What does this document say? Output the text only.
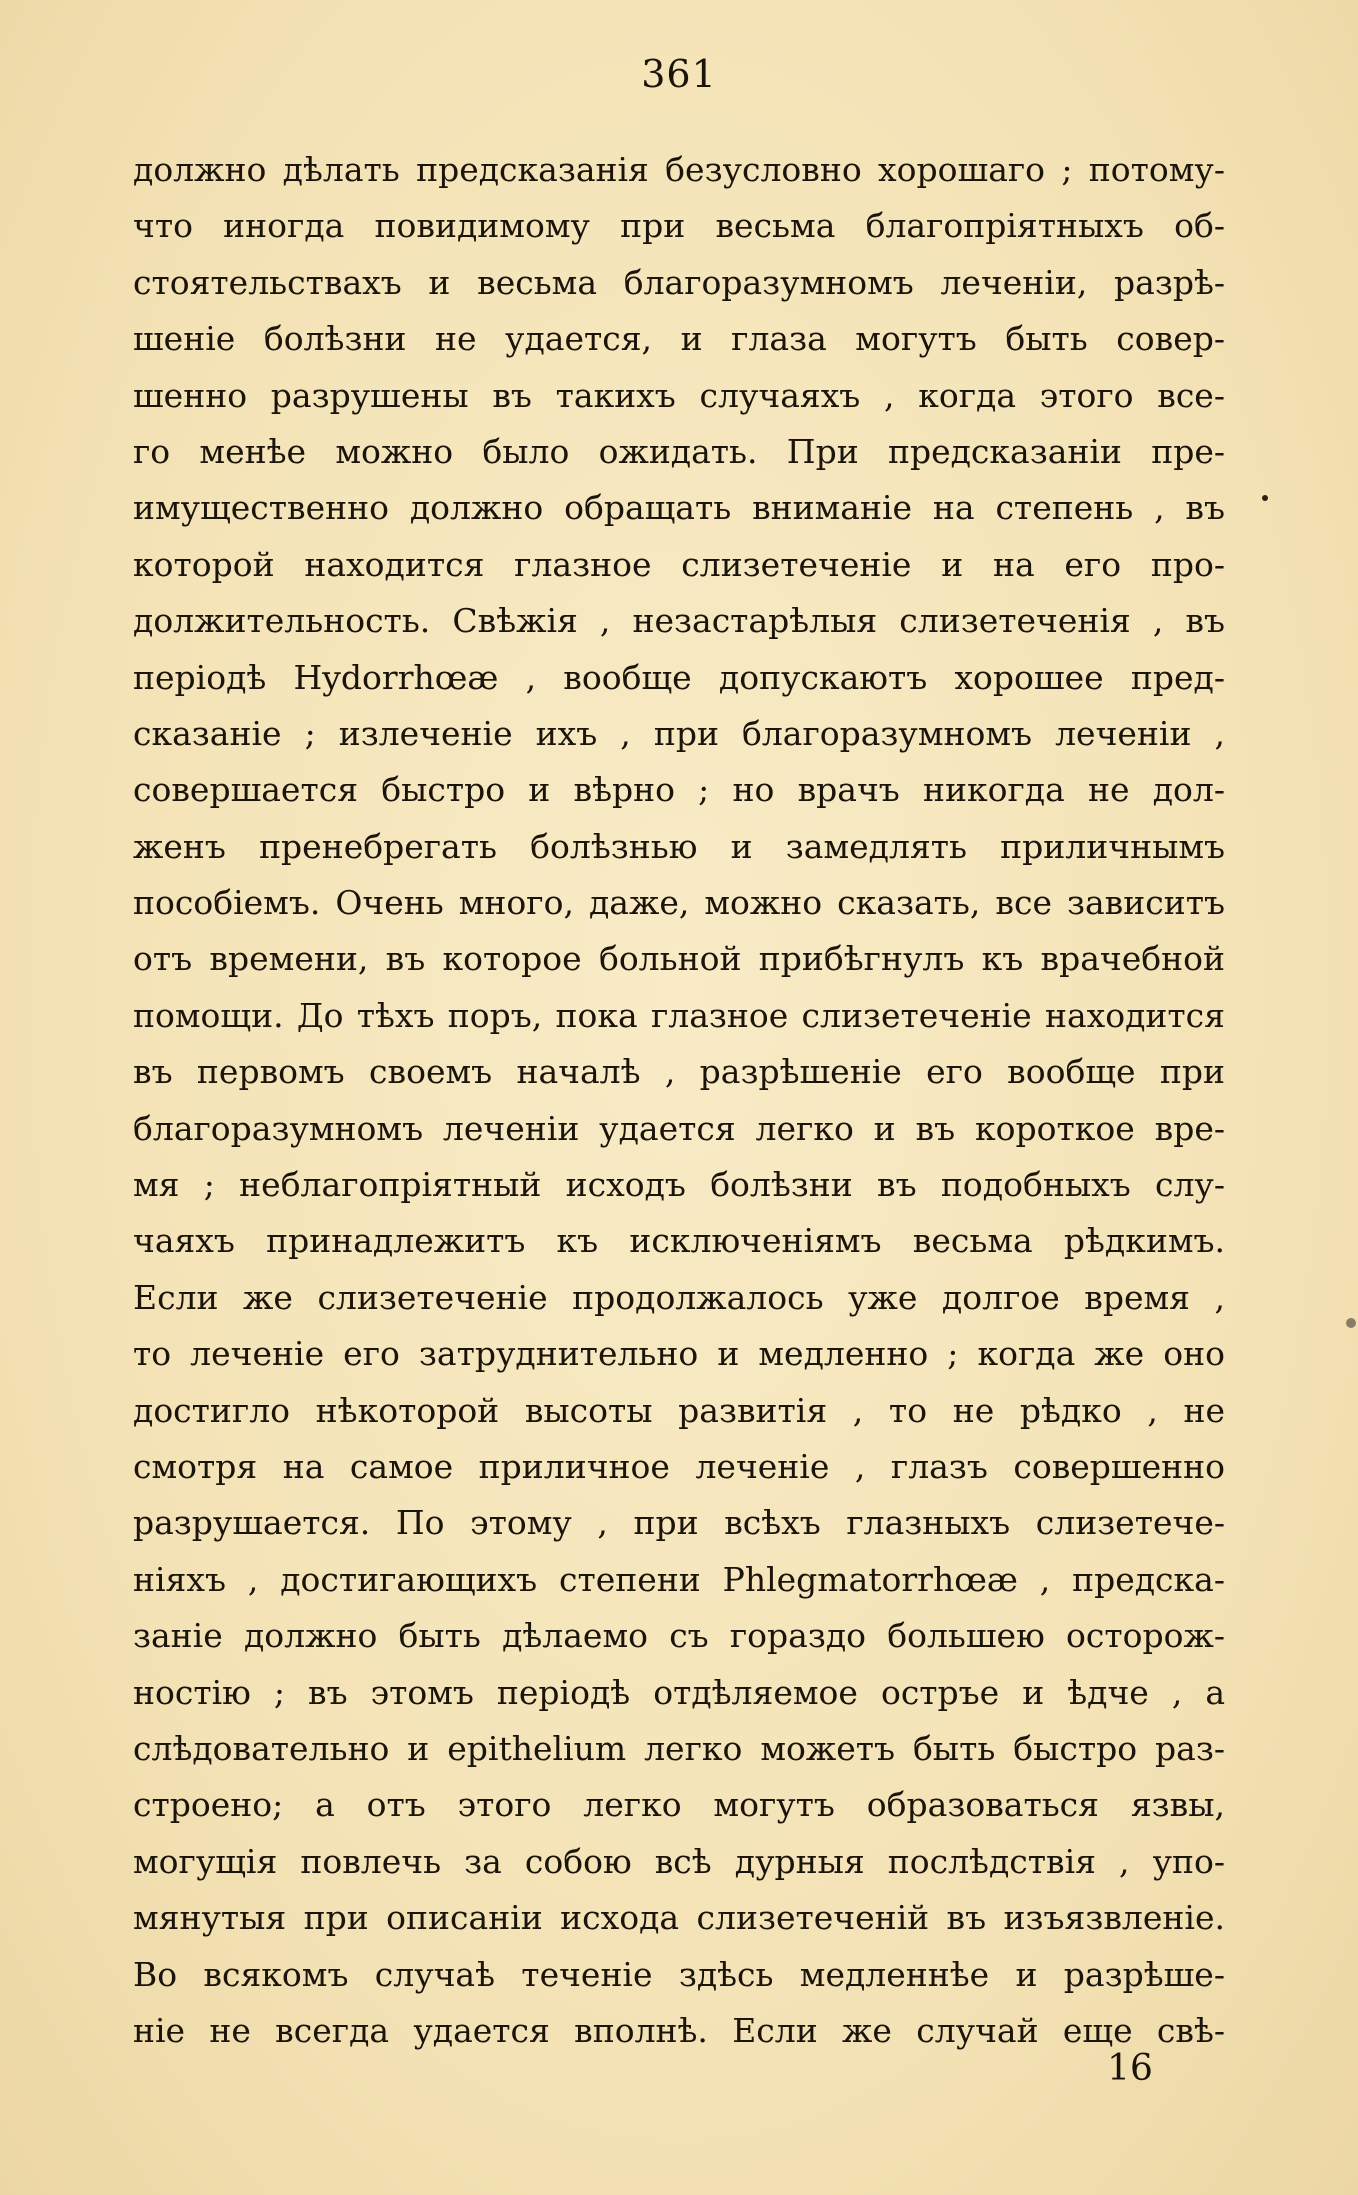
361
должно дѣлать предсказанія безусловно хорошаго ; потому-
что иногда повидимому при весьма благопріятныхъ об-
стоятельствахъ и весьма благоразумномъ леченіи, разрѣ-
шеніе болѣзни не удается, и глаза могутъ быть совер-
шенно разрушены въ такихъ случаяхъ , когда этого все-
го менѣе можно было ожидать. При предсказаніи пре-
имущественно должно обращать вниманіе на степень , въ
которой находится глазное слизетеченіе и на его про-
должительность. Свѣжія , незастарѣлыя слизетеченія , въ
періодѣ Hydorrhœæ , вообще допускаютъ хорошее пред-
сказаніе ; излеченіе ихъ , при благоразумномъ леченіи ,
совершается быстро и вѣрно ; но врачъ никогда не дол-
женъ пренебрегать болѣзнью и замедлять приличнымъ
пособіемъ. Очень много, даже, можно сказать, все зависитъ
отъ времени, въ которое больной прибѣгнулъ къ врачебной
помощи. До тѣхъ поръ, пока глазное слизетеченіе находится
въ первомъ своемъ началѣ , разрѣшеніе его вообще при
благоразумномъ леченіи удается легко и въ короткое вре-
мя ; неблагопріятный исходъ болѣзни въ подобныхъ слу-
чаяхъ принадлежитъ къ исключеніямъ весьма рѣдкимъ.
Если же слизетеченіе продолжалось уже долгое время ,
то леченіе его затруднительно и медленно ; когда же оно
достигло нѣкоторой высоты развитія , то не рѣдко , не
смотря на самое приличное леченіе , глазъ совершенно
разрушается. По этому , при всѣхъ глазныхъ слизетече-
ніяхъ , достигающихъ степени Phlegmatorrhœæ , предска-
заніе должно быть дѣлаемо съ гораздо большею осторож-
ностію ; въ этомъ періодѣ отдѣляемое остръе и ѣдче , а
слѣдовательно и epithelium легко можетъ быть быстро раз-
строено; а отъ этого легко могутъ образоваться язвы,
могущія повлечь за собою всѣ дурныя послѣдствія , упо-
мянутыя при описаніи исхода слизетеченій въ изъязвленіе.
Во всякомъ случаѣ теченіе здѣсь медленнѣе и разрѣше-
ніе не всегда удается вполнѣ. Если же случай еще свѣ-
16
